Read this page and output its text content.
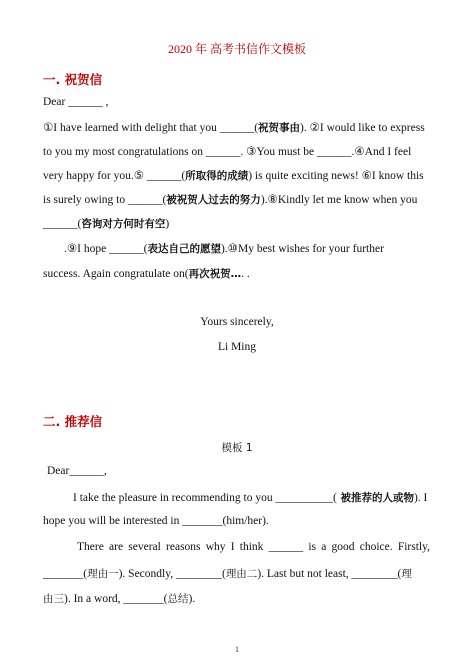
2020 年 高考书信作文模板
一. 祝贺信
Dear ______ ,
①I have learned with delight that you ______(祝贺事由). ②I would like to express
to you my most congratulations on ______. ③You must be ______.④And I feel
very happy for you.⑤ ______(所取得的成绩) is quite exciting news! ⑥I know this
is surely owing to ______(被祝贺人过去的努力).⑧Kindly let me know when you
______(咨询对方何时有空)
.⑨I hope ______(表达自己的愿望).⑩My best wishes for your further
success. Again congratulate on(再次祝贺…. .
Yours sincerely,
Li Ming
二. 推荐信
模板 1
Dear______,
I take the pleasure in recommending to you __________( 被推荐的人或物). I
hope you will be interested in _______(him/her).
There are several reasons why I think ______ is a good choice. Firstly,
_______(理由一). Secondly, ________(理由二). Last but not least, ________(理
由三). In a word, _______(总结).
1
